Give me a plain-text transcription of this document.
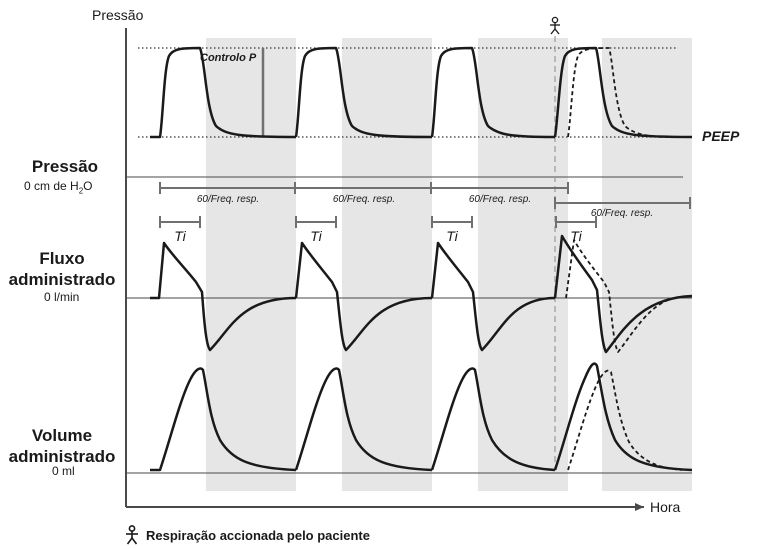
Pressão
Hora
Controlo P
PEEP
60/Freq. resp.	60/Freq. resp.	60/Freq. resp.
60/Freq. resp.
Ti	Ti	Ti	Ti
Pressão
0 cm de $H_2O$
Fluxo
administrado
0 l/min
Volume
administrado
0 ml
Respiração accionada pelo paciente
